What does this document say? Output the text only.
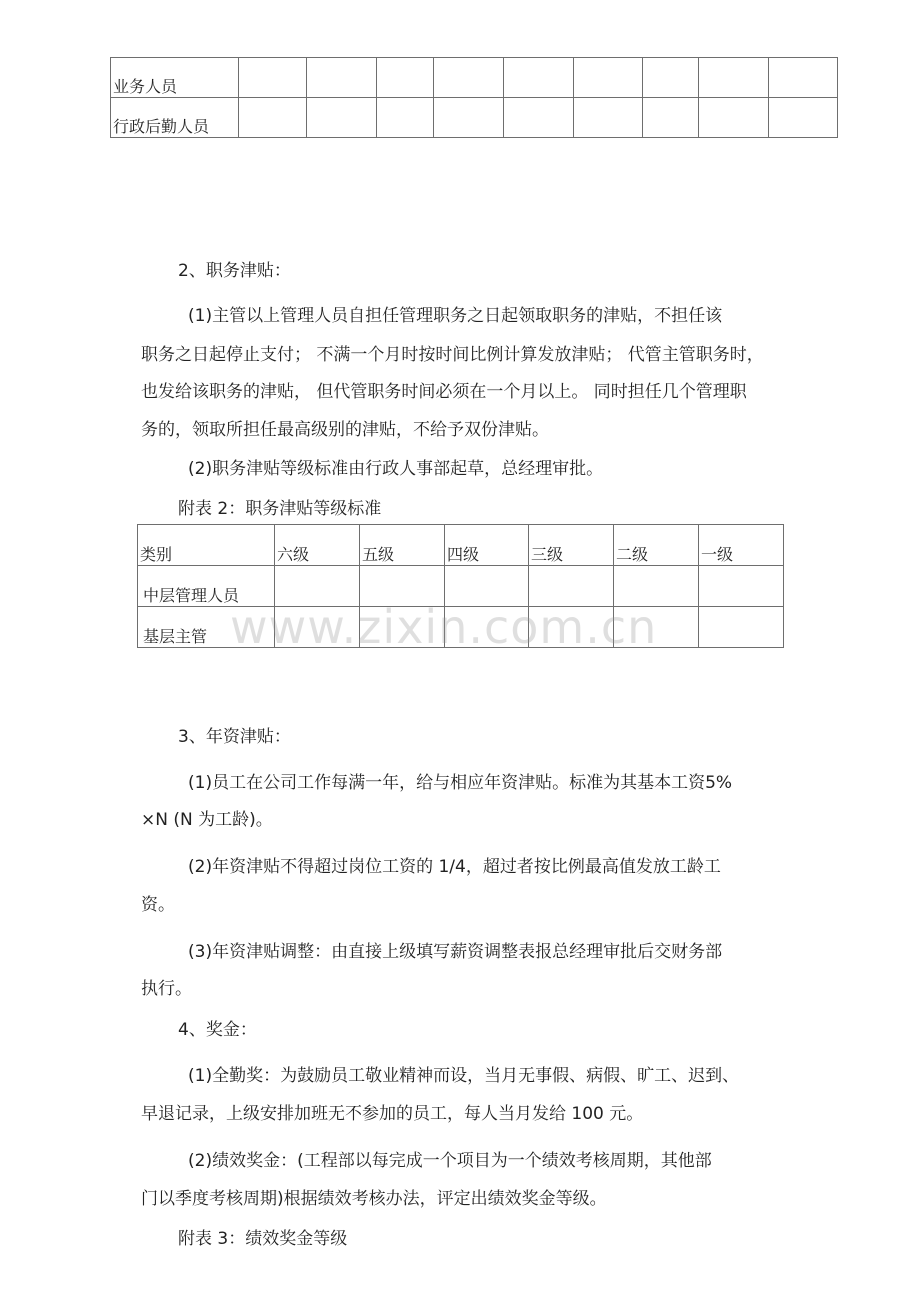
业务人员									
行政后勤人员									

2、职务津贴：

(1)主管以上管理人员自担任管理职务之日起领取职务的津贴，不担任该

职务之日起停止支付； 不满一个月时按时间比例计算发放津贴； 代管主管职务时，

也发给该职务的津贴， 但代管职务时间必须在一个月以上。 同时担任几个管理职

务的，领取所担任最高级别的津贴，不给予双份津贴。

(2)职务津贴等级标准由行政人事部起草，总经理审批。

附表 2：职务津贴等级标准

类别	六级	五级	四级	三级	二级	一级
中层管理人员						
基层主管						www.zixin.com.cn

3、年资津贴：

(1)员工在公司工作每满一年，给与相应年资津贴。标准为其基本工资5%

×N (N 为工龄)。

(2)年资津贴不得超过岗位工资的 1/4，超过者按比例最高值发放工龄工

资。

(3)年资津贴调整：由直接上级填写薪资调整表报总经理审批后交财务部

执行。

4、奖金：

(1)全勤奖：为鼓励员工敬业精神而设，当月无事假、病假、旷工、迟到、

早退记录，上级安排加班无不参加的员工，每人当月发给 100 元。

(2)绩效奖金：(工程部以每完成一个项目为一个绩效考核周期，其他部

门以季度考核周期)根据绩效考核办法，评定出绩效奖金等级。

附表 3：绩效奖金等级
